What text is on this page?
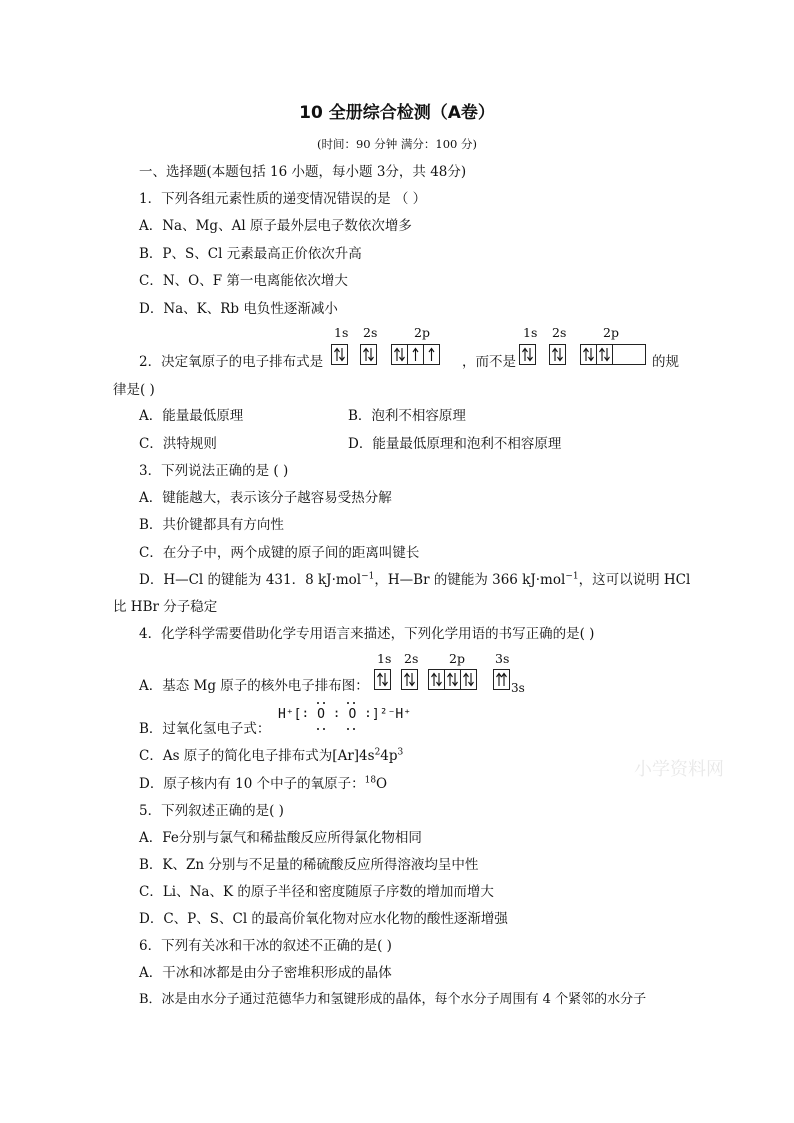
10 全册综合检测（A卷）
(时间：90 分钟 满分：100 分)
一、选择题(本题包括 16 小题，每小题 3分，共 48分)
1．下列各组元素性质的递变情况错误的是 （ ）
A．Na、Mg、Al 原子最外层电子数依次增多
B．P、S、Cl 元素最高正价依次升高
C．N、O、F 第一电离能依次增大
D．Na、K、Rb 电负性逐渐减小
1s 2s	2p	1s 2s	2p
2．决定氧原子的电子排布式是	，而不是	的规
律是( )
A．能量最低原理	B．泡利不相容原理
C．洪特规则	D．能量最低原理和泡利不相容原理
3．下列说法正确的是 ( )
A．键能越大，表示该分子越容易受热分解
B．共价键都具有方向性
C．在分子中，两个成键的原子间的距离叫键长
D．H—Cl 的键能为 431．8 kJ·mol$^{-1}$，H—Br 的键能为 366 kJ·mol$^{-1}$，这可以说明 HCl
比 HBr 分子稳定
4．化学科学需要借助化学专用语言来描述，下列化学用语的书写正确的是( )
1s 2s 2p 3s
A．基态 Mg 原子的核外电子排布图：	3s
B．过氧化氢电子式：
H⁺[∶ O ∶ O ∶]²⁻H⁺
C．As 原子的简化电子排布式为$[Ar]4s^24p^3$
D．原子核内有 10 个中子的氧原子：$^{18}$O
小学资料网
5．下列叙述正确的是( )
A．Fe分别与氯气和稀盐酸反应所得氯化物相同
B．K、Zn 分别与不足量的稀硫酸反应所得溶液均呈中性
C．Li、Na、K 的原子半径和密度随原子序数的增加而增大
D．C、P、S、Cl 的最高价氧化物对应水化物的酸性逐渐增强
6．下列有关冰和干冰的叙述不正确的是( )
A．干冰和冰都是由分子密堆积形成的晶体
B．冰是由水分子通过范德华力和氢键形成的晶体，每个水分子周围有 4 个紧邻的水分子
